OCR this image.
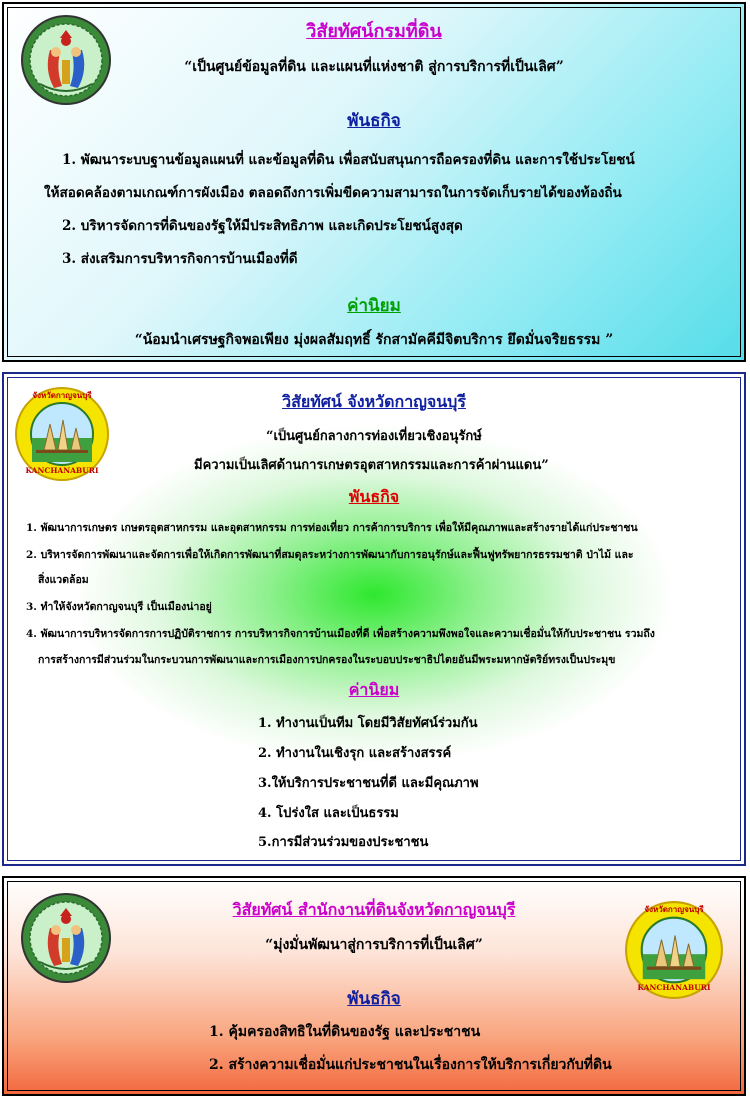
วิสัยทัศน์กรมที่ดิน
“เป็นศูนย์ข้อมูลที่ดิน และแผนที่แห่งชาติ สู่การบริการที่เป็นเลิศ”
พันธกิจ
1. พัฒนาระบบฐานข้อมูลแผนที่ และข้อมูลที่ดิน เพื่อสนับสนุนการถือครองที่ดิน และการใช้ประโยชน์
ให้สอดคล้องตามเกณฑ์การผังเมือง ตลอดถึงการเพิ่มขีดความสามารถในการจัดเก็บรายได้ของท้องถิ่น
2. บริหารจัดการที่ดินของรัฐให้มีประสิทธิภาพ และเกิดประโยชน์สูงสุด
3. ส่งเสริมการบริหารกิจการบ้านเมืองที่ดี
ค่านิยม
“น้อมนำเศรษฐกิจพอเพียง มุ่งผลสัมฤทธิ์ รักสามัคคีมีจิตบริการ ยึดมั่นจริยธรรม ”
จังหวัดกาญจนบุรี
KANCHANABURI
วิสัยทัศน์ จังหวัดกาญจนบุรี
“เป็นศูนย์กลางการท่องเที่ยวเชิงอนุรักษ์
มีความเป็นเลิศด้านการเกษตรอุตสาหกรรมและการค้าผ่านแดน”
พันธกิจ
1. พัฒนาการเกษตร เกษตรอุตสาหกรรม และอุตสาหกรรม การท่องเที่ยว การค้าการบริการ เพื่อให้มีคุณภาพและสร้างรายได้แก่ประชาชน
2. บริหารจัดการพัฒนาและจัดการเพื่อให้เกิดการพัฒนาที่สมดุลระหว่างการพัฒนากับการอนุรักษ์และฟื้นฟูทรัพยากรธรรมชาติ ป่าไม้ และ
สิ่งแวดล้อม
3. ทำให้จังหวัดกาญจนบุรี เป็นเมืองน่าอยู่
4. พัฒนาการบริหารจัดการการปฏิบัติราชการ การบริหารกิจการบ้านเมืองที่ดี เพื่อสร้างความพึงพอใจและความเชื่อมั่นให้กับประชาชน รวมถึง
การสร้างการมีส่วนร่วมในกระบวนการพัฒนาและการเมืองการปกครองในระบอบประชาธิปไตยอันมีพระมหากษัตริย์ทรงเป็นประมุข
ค่านิยม
1. ทำงานเป็นทีม โดยมีวิสัยทัศน์ร่วมกัน
2. ทำงานในเชิงรุก และสร้างสรรค์
3.ให้บริการประชาชนที่ดี และมีคุณภาพ
4. โปร่งใส และเป็นธรรม
5.การมีส่วนร่วมของประชาชน
จังหวัดกาญจนบุรี
KANCHANABURI
วิสัยทัศน์ สำนักงานที่ดินจังหวัดกาญจนบุรี
“มุ่งมั่นพัฒนาสู่การบริการที่เป็นเลิศ”
พันธกิจ
1. คุ้มครองสิทธิในที่ดินของรัฐ และประชาชน
2. สร้างความเชื่อมั่นแก่ประชาชนในเรื่องการให้บริการเกี่ยวกับที่ดิน
